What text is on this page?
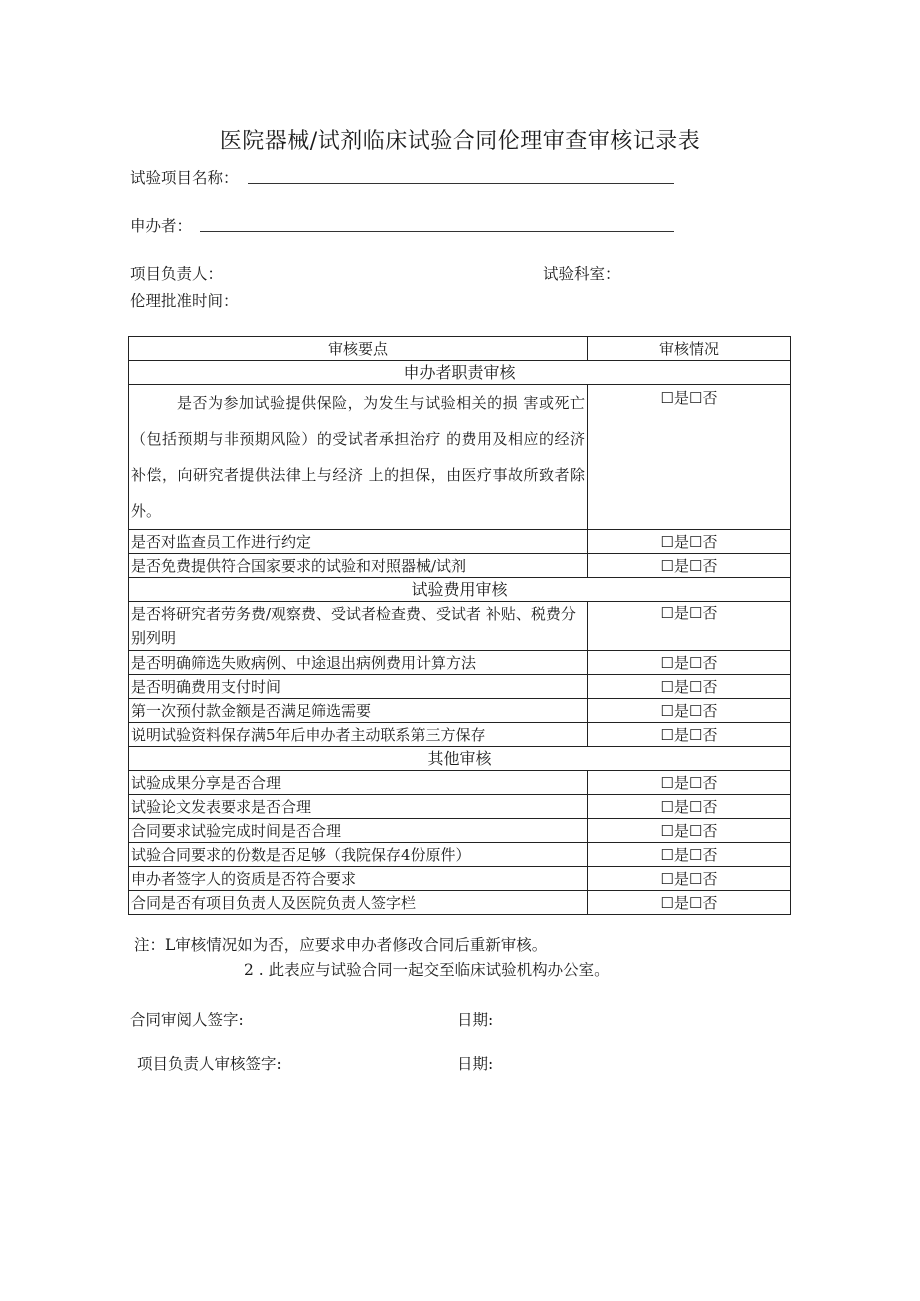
医院器械/试剂临床试验合同伦理审查审核记录表
试验项目名称：
申办者：
项目负责人：	试验科室：
伦理批准时间：
审核要点	审核情况
申办者职责审核	

是否为参加试验提供保险，为发生与试验相关的损 害或死亡（包括预期与非预期风险）的受试者承担治疗 的费用及相应的经济补偿，向研究者提供法律上与经济 上的担保，由医疗事故所致者除外。	☐是☐否
是否对监查员工作进行约定	☐是☐否
是否免费提供符合国家要求的试验和对照器械/试剂	☐是☐否
试验费用审核	
是否将研究者劳务费/观察费、受试者检查费、受试者 补贴、税费分别列明	☐是☐否
是否明确筛选失败病例、中途退出病例费用计算方法	☐是☐否
是否明确费用支付时间	☐是☐否
第一次预付款金额是否满足筛选需要	☐是☐否
说明试验资料保存满5年后申办者主动联系第三方保存	☐是☐否
其他审核	
试验成果分享是否合理	☐是☐否
试验论文发表要求是否合理	☐是☐否
合同要求试验完成时间是否合理	☐是☐否
试验合同要求的份数是否足够（我院保存4份原件）	☐是☐否
申办者签字人的资质是否符合要求	☐是☐否
合同是否有项目负责人及医院负责人签字栏	☐是☐否
注：L审核情况如为否，应要求申办者修改合同后重新审核。
2 . 此表应与试验合同一起交至临床试验机构办公室。
合同审阅人签字:	日期:
项目负责人审核签字:	日期:
